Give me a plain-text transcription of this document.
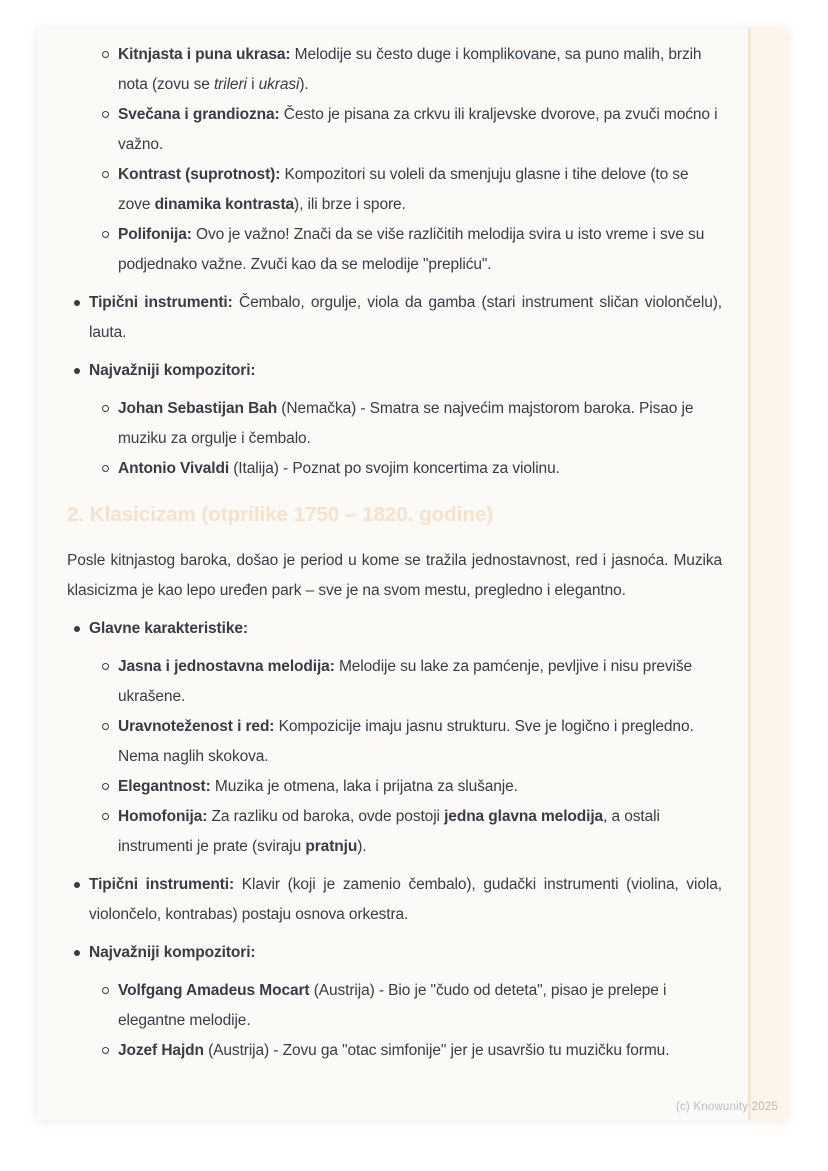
Kitnjasta i puna ukrasa: Melodije su često duge i komplikovane, sa puno malih, brzih nota (zovu se trileri i ukrasi).
Svečana i grandiozna: Često je pisana za crkvu ili kraljevske dvorove, pa zvuči moćno i važno.
Kontrast (suprotnost): Kompozitori su voleli da smenjuju glasne i tihe delove (to se zove dinamika kontrasta), ili brze i spore.
Polifonija: Ovo je važno! Znači da se više različitih melodija svira u isto vreme i sve su podjednako važne. Zvuči kao da se melodije "prepliću".
Tipični instrumenti: Čembalo, orgulje, viola da gamba (stari instrument sličan violončelu), lauta.
Najvažniji kompozitori:
Johan Sebastijan Bah (Nemačka) - Smatra se najvećim majstorom baroka. Pisao je muziku za orgulje i čembalo.
Antonio Vivaldi (Italija) - Poznat po svojim koncertima za violinu.
2. Klasicizam (otprilike 1750 – 1820. godine)

Posle kitnjastog baroka, došao je period u kome se tražila jednostavnost, red i jasnoća. Muzika klasicizma je kao lepo uređen park – sve je na svom mestu, pregledno i elegantno.

Glavne karakteristike:
Jasna i jednostavna melodija: Melodije su lake za pamćenje, pevljive i nisu previše ukrašene.
Uravnoteženost i red: Kompozicije imaju jasnu strukturu. Sve je logično i pregledno. Nema naglih skokova.
Elegantnost: Muzika je otmena, laka i prijatna za slušanje.
Homofonija: Za razliku od baroka, ovde postoji jedna glavna melodija, a ostali instrumenti je prate (sviraju pratnju).
Tipični instrumenti: Klavir (koji je zamenio čembalo), gudački instrumenti (violina, viola, violončelo, kontrabas) postaju osnova orkestra.
Najvažniji kompozitori:
Volfgang Amadeus Mocart (Austrija) - Bio je "čudo od deteta", pisao je prelepe i elegantne melodije.
Jozef Hajdn (Austrija) - Zovu ga "otac simfonije" jer je usavršio tu muzičku formu.
(c) Knowunity 2025
